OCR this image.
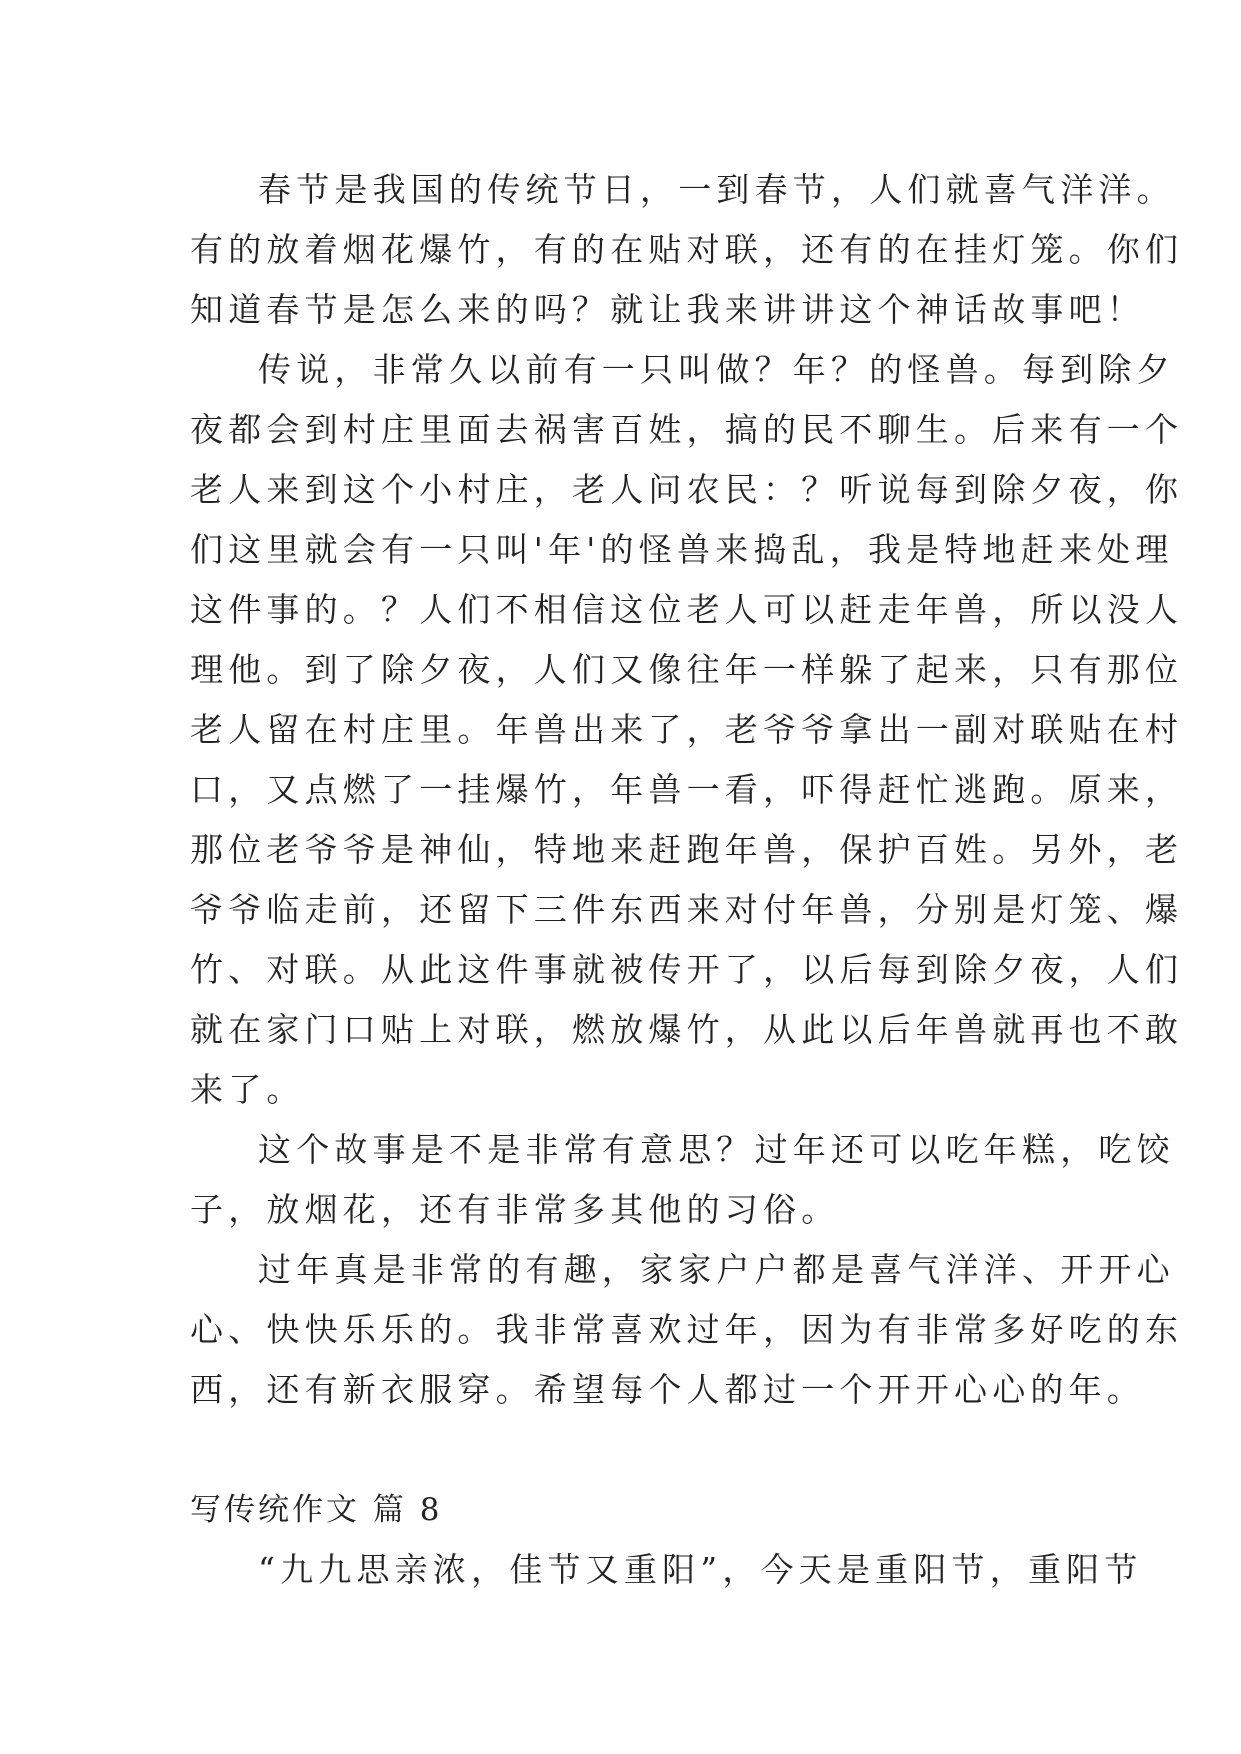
春节是我国的传统节日，一到春节，人们就喜气洋洋。
有的放着烟花爆竹，有的在贴对联，还有的在挂灯笼。你们
知道春节是怎么来的吗？就让我来讲讲这个神话故事吧！
传说，非常久以前有一只叫做？年？的怪兽。每到除夕
夜都会到村庄里面去祸害百姓，搞的民不聊生。后来有一个
老人来到这个小村庄，老人问农民：？听说每到除夕夜，你
们这里就会有一只叫'年'的怪兽来捣乱，我是特地赶来处理
这件事的。？人们不相信这位老人可以赶走年兽，所以没人
理他。到了除夕夜，人们又像往年一样躲了起来，只有那位
老人留在村庄里。年兽出来了，老爷爷拿出一副对联贴在村
口，又点燃了一挂爆竹，年兽一看，吓得赶忙逃跑。原来，
那位老爷爷是神仙，特地来赶跑年兽，保护百姓。另外，老
爷爷临走前，还留下三件东西来对付年兽，分别是灯笼、爆
竹、对联。从此这件事就被传开了，以后每到除夕夜，人们
就在家门口贴上对联，燃放爆竹，从此以后年兽就再也不敢
来了。
这个故事是不是非常有意思？过年还可以吃年糕，吃饺
子，放烟花，还有非常多其他的习俗。
过年真是非常的有趣，家家户户都是喜气洋洋、开开心
心、快快乐乐的。我非常喜欢过年，因为有非常多好吃的东
西，还有新衣服穿。希望每个人都过一个开开心心的年。
写传统作文 篇 8
“九九思亲浓，佳节又重阳”，今天是重阳节，重阳节
